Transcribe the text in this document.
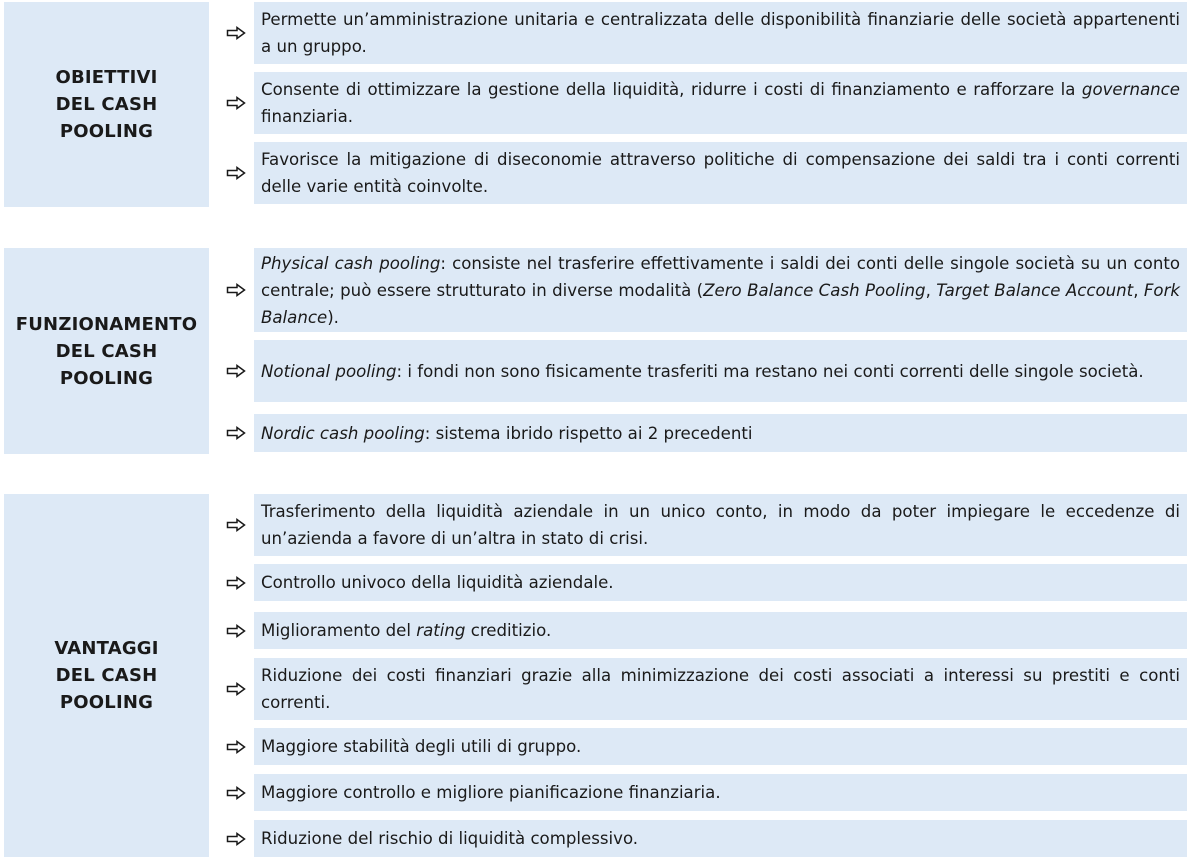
OBIETTIVI
DEL CASH
POOLING

Permette un’amministrazione unitaria e centralizzata delle disponibilità finanziarie delle società appartenenti a un gruppo.

Consente di ottimizzare la gestione della liquidità, ridurre i costi di finanziamento e rafforzare la governance finanziaria.

Favorisce la mitigazione di diseconomie attraverso politiche di compensazione dei saldi tra i conti correnti delle varie entità coinvolte.

FUNZIONAMENTO
DEL CASH
POOLING

Physical cash pooling: consiste nel trasferire effettivamente i saldi dei conti delle singole società su un conto centrale; può essere strutturato in diverse modalità (Zero Balance Cash Pooling, Target Balance Account, Fork Balance).

Notional pooling: i fondi non sono fisicamente trasferiti ma restano nei conti correnti delle singole società.

Nordic cash pooling: sistema ibrido rispetto ai 2 precedenti

VANTAGGI
DEL CASH
POOLING

Trasferimento della liquidità aziendale in un unico conto, in modo da poter impiegare le eccedenze di un’azienda a favore di un’altra in stato di crisi.

Controllo univoco della liquidità aziendale.

Miglioramento del rating creditizio.

Riduzione dei costi finanziari grazie alla minimizzazione dei costi associati a interessi su prestiti e conti correnti.

Maggiore stabilità degli utili di gruppo.

Maggiore controllo e migliore pianificazione finanziaria.

Riduzione del rischio di liquidità complessivo.
